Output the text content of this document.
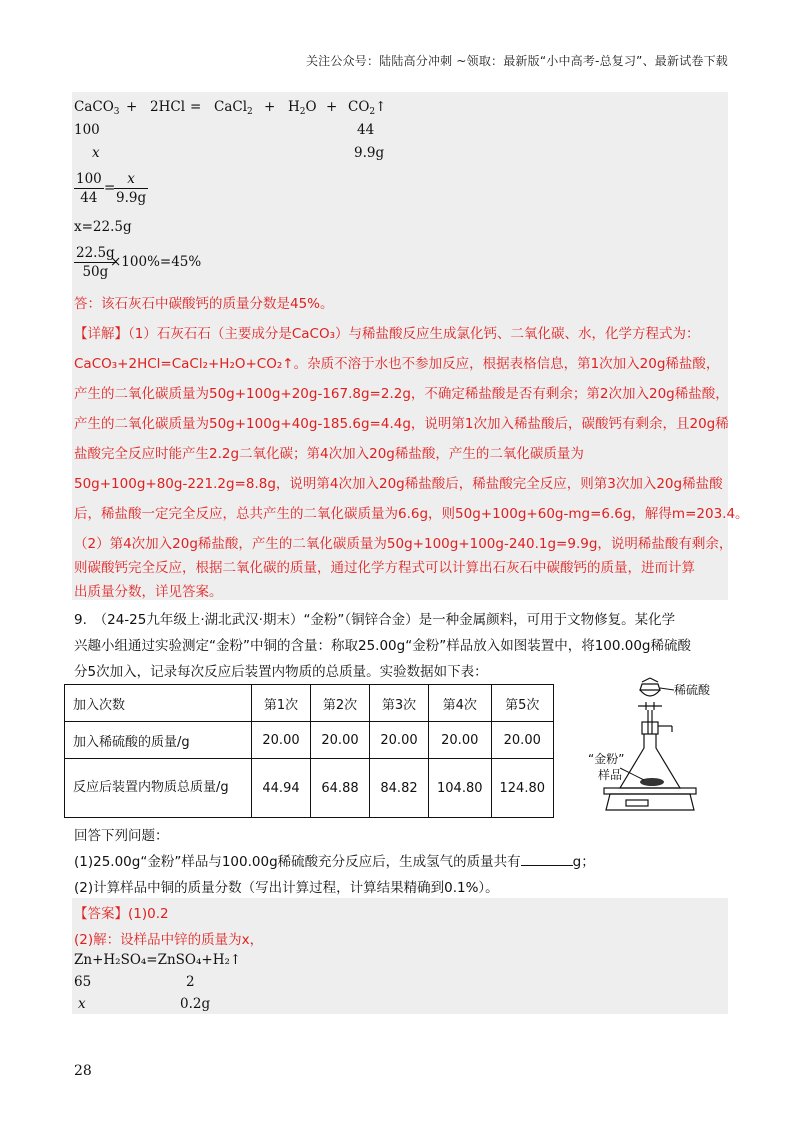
关注公众号：陆陆高分冲刺 ~领取：最新版“小中高考-总复习”、最新试卷下载
CaCO$_3$ + 2HCl = CaCl$_2$ + $H_2O$ + $CO_2↑$
100	44
x	9.9g
$\frac{100}{44}$ =
$\frac{x}{9.9g}$
x=22.5g
$\frac{22.5g}{50g}$
×100%=45%
答：该石灰石中碳酸钙的质量分数是45%。
【详解】（1）石灰石石（主要成分是CaCO₃）与稀盐酸反应生成氯化钙、二氧化碳、水，化学方程式为：
CaCO₃+2HCl=CaCl₂+H₂O+CO₂↑。杂质不溶于水也不参加反应，根据表格信息，第1次加入20g稀盐酸，
产生的二氧化碳质量为50g+100g+20g-167.8g=2.2g，不确定稀盐酸是否有剩余；第2次加入20g稀盐酸，
产生的二氧化碳质量为50g+100g+40g-185.6g=4.4g，说明第1次加入稀盐酸后，碳酸钙有剩余，且20g稀
盐酸完全反应时能产生2.2g二氧化碳；第4次加入20g稀盐酸，产生的二氧化碳质量为
50g+100g+80g-221.2g=8.8g，说明第4次加入20g稀盐酸后，稀盐酸完全反应，则第3次加入20g稀盐酸
后，稀盐酸一定完全反应，总共产生的二氧化碳质量为6.6g，则50g+100g+60g-mg=6.6g，解得m=203.4。
（2）第4次加入20g稀盐酸，产生的二氧化碳质量为50g+100g+100g-240.1g=9.9g，说明稀盐酸有剩余，
则碳酸钙完全反应，根据二氧化碳的质量，通过化学方程式可以计算出石灰石中碳酸钙的质量，进而计算
出质量分数，详见答案。
9.　（24-25九年级上·湖北武汉·期末）“金粉”（铜锌合金）是一种金属颜料，可用于文物修复。某化学
兴趣小组通过实验测定“金粉”中铜的含量：称取25.00g“金粉”样品放入如图装置中，将100.00g稀硫酸
分5次加入，记录每次反应后装置内物质的总质量。实验数据如下表：
加入次数	第1次	第2次	第3次	第4次	第5次
加入稀硫酸的质量/g	20.00	20.00	20.00	20.00	20.00
反应后装置内物质总质量/g	44.94	64.88	84.82	104.80	124.80
稀硫酸
“金粉”
样品
回答下列问题：
(1)25.00g“金粉”样品与100.00g稀硫酸充分反应后，生成氢气的质量共有	g；
(2)计算样品中铜的质量分数（写出计算过程，计算结果精确到0.1%）。
【答案】(1)0.2
(2)解：设样品中锌的质量为x，
Zn+H₂SO₄=ZnSO₄+H₂↑
65	2
x	0.2g
28
